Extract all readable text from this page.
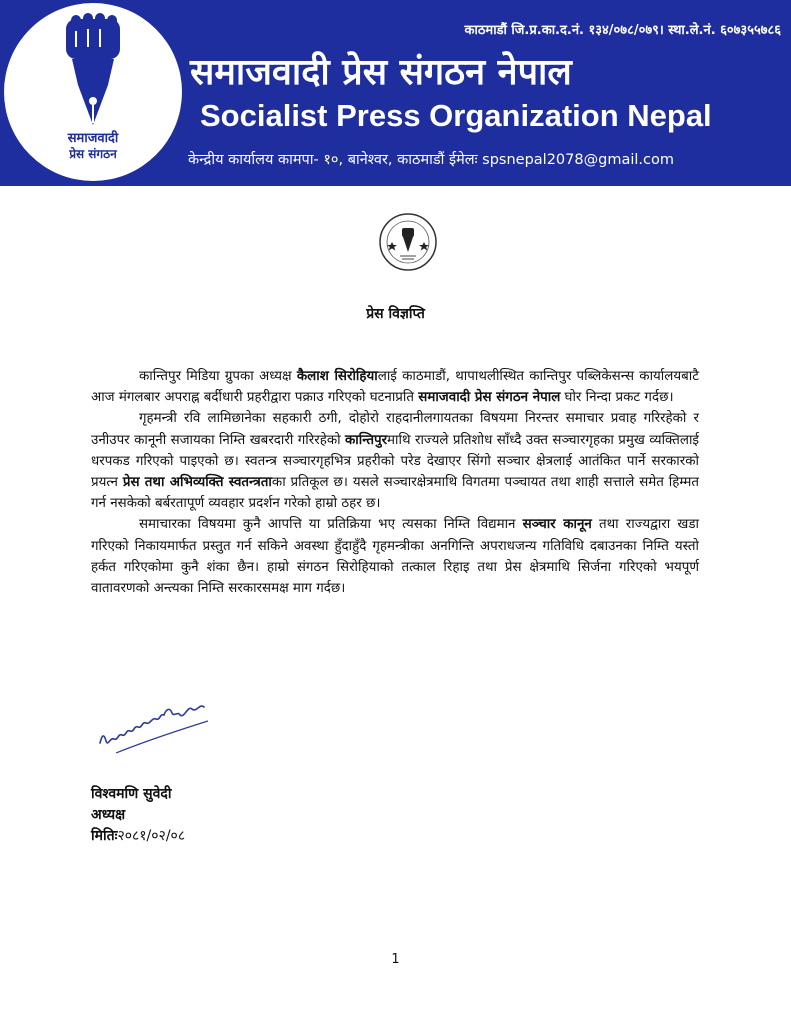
समाजवादी
प्रेस संगठन
काठमाडौं जि.प्र.का.द.नं. १३४/०७८/०७९। स्था.ले.नं. ६०७३५५७८६
समाजवादी प्रेस संगठन नेपाल
Socialist Press Organization Nepal
केन्द्रीय कार्यालय कामपा- १०, बानेश्वर, काठमाडौं ईमेलः spsnepal2078@gmail.com
प्रेस विज्ञप्ति

कान्तिपुर मिडिया ग्रुपका अध्यक्ष कैलाश सिरोहियालाई काठमाडौं, थापाथलीस्थित कान्तिपुर पब्लिकेसन्स कार्यालयबाटै आज मंगलबार अपराह्न बर्दीधारी प्रहरीद्वारा पक्राउ गरिएको घटनाप्रति समाजवादी प्रेस संगठन नेपाल घोर निन्दा प्रकट गर्दछ।

गृहमन्त्री रवि लामिछानेका सहकारी ठगी, दोहोरो राहदानीलगायतका विषयमा निरन्तर समाचार प्रवाह गरिरहेको र उनीउपर कानूनी सजायका निम्ति खबरदारी गरिरहेको कान्तिपुरमाथि राज्यले प्रतिशोध साँध्दै उक्त सञ्चारगृहका प्रमुख व्यक्तिलाई धरपकड गरिएको पाइएको छ। स्वतन्त्र सञ्चारगृहभित्र प्रहरीको परेड देखाएर सिंगो सञ्चार क्षेत्रलाई आतंकित पार्ने सरकारको प्रयत्न प्रेस तथा अभिव्यक्ति स्वतन्त्रताका प्रतिकूल छ। यसले सञ्चारक्षेत्रमाथि विगतमा पञ्चायत तथा शाही सत्ताले समेत हिम्मत गर्न नसकेको बर्बरतापूर्ण व्यवहार प्रदर्शन गरेको हाम्रो ठहर छ।

समाचारका विषयमा कुनै आपत्ति या प्रतिक्रिया भए त्यसका निम्ति विद्यमान सञ्चार कानून तथा राज्यद्वारा खडा गरिएको निकायमार्फत प्रस्तुत गर्न सकिने अवस्था हुँदाहुँदै गृहमन्त्रीका अनगिन्ति अपराधजन्य गतिविधि दबाउनका निम्ति यस्तो हर्कत गरिएकोमा कुनै शंका छैन। हाम्रो संगठन सिरोहियाको तत्काल रिहाइ तथा प्रेस क्षेत्रमाथि सिर्जना गरिएको भयपूर्ण वातावरणको अन्त्यका निम्ति सरकारसमक्ष माग गर्दछ।

विश्वमणि सुवेदी
अध्यक्ष
मितिः२०८१/०२/०८
1
